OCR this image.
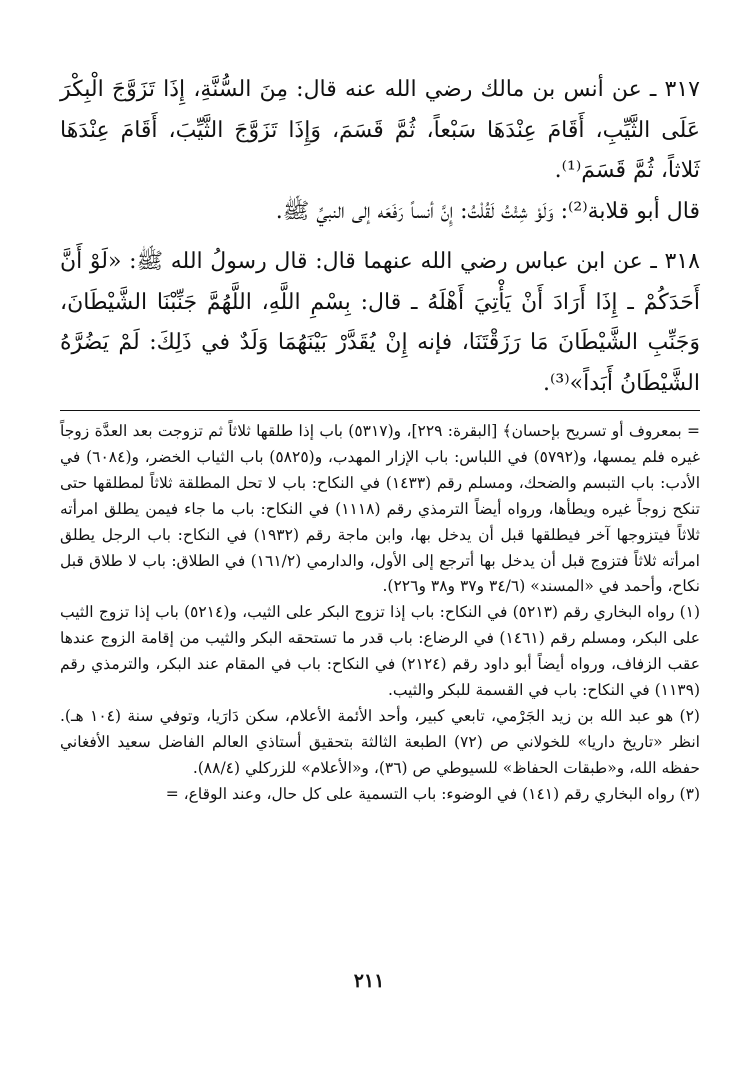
٣١٧ ـ عن أنس بن مالك رضي الله عنه قال: مِنَ السُّنَّةِ، إِذَا تَزَوَّجَ الْبِكْرَ عَلَى الثَّيِّبِ، أَقَامَ عِنْدَهَا سَبْعاً، ثُمَّ قَسَمَ، وَإِذَا تَزَوَّجَ الثَّيِّبَ، أَقَامَ عِنْدَهَا ثَلاثاً، ثُمَّ قَسَمَ⁽¹⁾.

قال أبو قلابة⁽²⁾: وَلَوْ شِئْتُ لَقُلْتُ: إِنَّ أنساً رَفَعَه إلى النبيِّ ﷺ.

٣١٨ ـ عن ابن عباس رضي الله عنهما قال: قال رسولُ الله ﷺ: «لَوْ أَنَّ أَحَدَكُمْ ـ إِذَا أَرَادَ أَنْ يَأْتِيَ أَهْلَهُ ـ قال: بِسْمِ اللَّهِ، اللَّهُمَّ جَنِّبْنَا الشَّيْطَانَ، وَجَنِّبِ الشَّيْطَانَ مَا رَزَقْتَنَا، فإنه إِنْ يُقَدَّرْ بَيْنَهُمَا وَلَدٌ في ذَلِكَ: لَمْ يَضُرَّهُ الشَّيْطَانُ أَبَداً»⁽³⁾.

= بمعروف أو تسريح بإحسان﴾ [البقرة: ٢٢٩]، و(٥٣١٧) باب إذا طلقها ثلاثاً ثم تزوجت بعد العدَّة زوجاً غيره فلم يمسها، و(٥٧٩٢) في اللباس: باب الإزار المهدب، و(٥٨٢٥) باب الثياب الخضر، و(٦٠٨٤) في الأدب: باب التبسم والضحك، ومسلم رقم (١٤٣٣) في النكاح: باب لا تحل المطلقة ثلاثاً لمطلقها حتى تنكح زوجاً غيره ويطأها، ورواه أيضاً الترمذي رقم (١١١٨) في النكاح: باب ما جاء فيمن يطلق امرأته ثلاثاً فيتزوجها آخر فيطلقها قبل أن يدخل بها، وابن ماجة رقم (١٩٣٢) في النكاح: باب الرجل يطلق امرأته ثلاثاً فتزوج قبل أن يدخل بها أترجع إلى الأول، والدارمي (١٦١/٢) في الطلاق: باب لا طلاق قبل نكاح، وأحمد في «المسند» (٣٤/٦ و٣٧ و٣٨ و٢٢٦).

(١) رواه البخاري رقم (٥٢١٣) في النكاح: باب إذا تزوج البكر على الثيب، و(٥٢١٤) باب إذا تزوج الثيب على البكر، ومسلم رقم (١٤٦١) في الرضاع: باب قدر ما تستحقه البكر والثيب من إقامة الزوج عندها عقب الزفاف، ورواه أيضاً أبو داود رقم (٢١٢٤) في النكاح: باب في المقام عند البكر، والترمذي رقم (١١٣٩) في النكاح: باب في القسمة للبكر والثيب.

(٢) هو عبد الله بن زيد الجَرْمي، تابعي كبير، وأحد الأئمة الأعلام، سكن دَارَيا، وتوفي سنة (١٠٤ هـ). انظر «تاريخ داريا» للخولاني ص (٧٢) الطبعة الثالثة بتحقيق أستاذي العالم الفاضل سعيد الأفغاني حفظه الله، و«طبقات الحفاظ» للسيوطي ص (٣٦)، و«الأعلام» للزركلي (٨٨/٤).

(٣) رواه البخاري رقم (١٤١) في الوضوء: باب التسمية على كل حال، وعند الوقاع، =

٢١١
